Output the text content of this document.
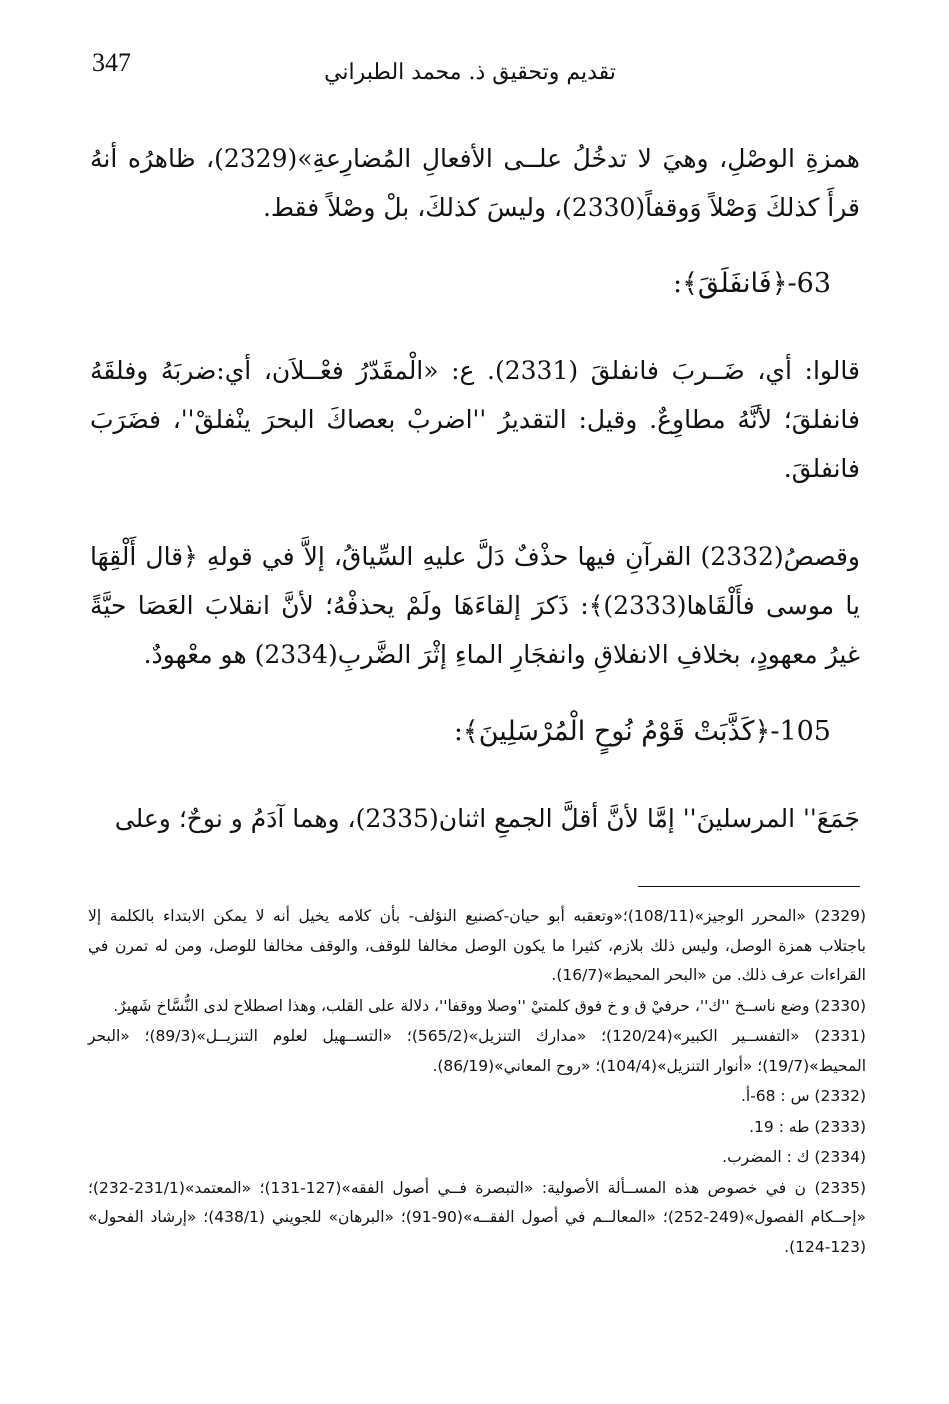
347	تقديم وتحقيق ذ. محمد الطبراني
همزةِ الوصْلِ، وهيَ لا تدخُلُ علــى الأفعالِ المُضارِعةِ»(2329)، ظاهرُه أنهُ قرأَ كذلكَ وَصْلاً وَوقفاً(2330)، وليسَ كذلكَ، بلْ وصْلاً فقط.
63-﴿فَانفَلَقَ﴾:
قالوا: أي، ضَــربَ فانفلقَ (2331). ع: «الْمقَدّرُ فعْــلاَن، أي:ضربَهُ وفلقَهُ فانفلقَ؛ لأنَّهُ مطاوِعٌ. وقيل: التقديرُ ''اضربْ بعصاكَ البحرَ ينْفلقْ''، فضَرَبَ فانفلقَ.
وقصصُ(2332) القرآنِ فيها حذْفٌ دَلَّ عليهِ السِّياقُ، إلاَّ في قولهِ ﴿قال أَلْقِهَا يا موسى فأَلْقَاها(2333)﴾: ذَكرَ إلقاءَهَا ولَمْ يحذفْهُ؛ لأنَّ انقلابَ العَصَا حيَّةً غيرُ معهودٍ، بخلافِ الانفلاقِ وانفجَارِ الماءِ إثْرَ الضَّربِ(2334) هو معْهودٌ.
105-﴿كَذَّبَتْ قَوْمُ نُوحٍ الْمُرْسَلِينَ﴾:
جَمَعَ'' المرسلينَ'' إمَّا لأنَّ أقلَّ الجمعِ اثنان(2335)، وهما آدَمُ و نوحٌ؛ وعلى
(2329) «المحرر الوجيز»(108/11)؛«وتعقبه أبو حيان-كصنيع النؤلف- بأن كلامه يخيل أنه لا يمكن الابتداء بالكلمة إلا باجتلاب همزة الوصل، وليس ذلك بلازم، كثيرا ما يكون الوصل مخالفا للوقف، والوقف مخالفا للوصل، ومن له تمرن في القراءات عرف ذلك. من «البحر المحيط»(16/7).
(2330) وضع ناســخ ''ك''، حرفيْ ق و خ فوق كلمتيْ ''وصلا ووقفا''، دلالة على القلب، وهذا اصطلاح لدى النُّسَّاخ شَهيرٌ.
(2331) «التفســير الكبير»(120/24)؛ «مدارك التنزيل»(565/2)؛ «التســهيل لعلوم التنزيــل»(89/3)؛ «البحر المحيط»(19/7)؛ «أنوار التنزيل»(104/4)؛ «روح المعاني»(86/19).
(2332) س : 68-أ.
(2333) طه : 19.
(2334) ك : المضرب.
(2335) ن في خصوص هذه المســألة الأصولية: «التبصرة فــي أصول الفقه»(127-131)؛ «المعتمد»(231/1-232)؛ «إحــكام الفصول»(249-252)؛ «المعالــم في أصول الفقــه»(90-91)؛ «البرهان» للجويني (438/1)؛ «إرشاد الفحول» (123-124).
